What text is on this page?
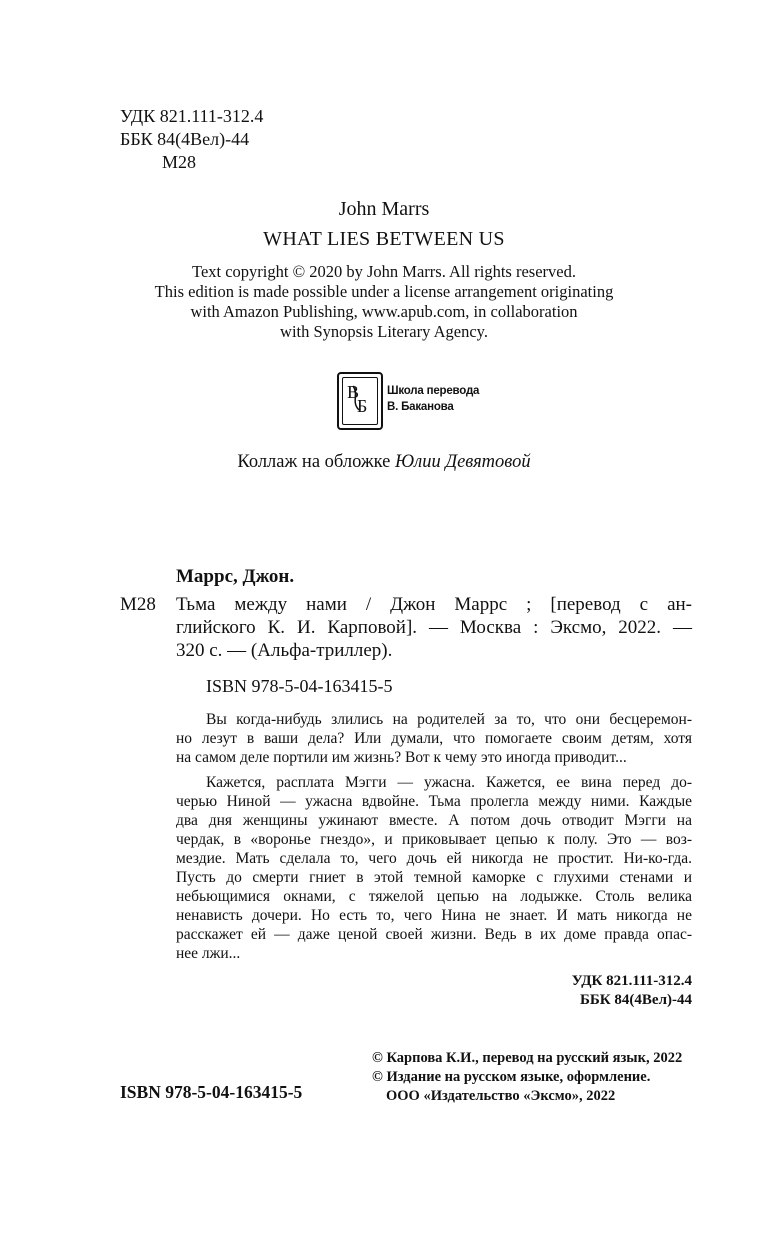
УДК 821.111-312.4
ББК 84(4Вел)-44
М28
John Marrs
WHAT LIES BETWEEN US
Text copyright © 2020 by John Marrs. All rights reserved.
This edition is made possible under a license arrangement originating
with Amazon Publishing, www.apub.com, in collaboration
with Synopsis Literary Agency.
В
Б
Школа перевода
В. Баканова
Коллаж на обложке Юлии Девятовой
Маррс, Джон.
М28 Тьма между нами / Джон Маррс ; [перевод с ан-
глийского К. И. Карповой]. — Москва : Эксмо, 2022. —
320 с. — (Альфа-триллер).
ISBN 978-5-04-163415-5
Вы когда-нибудь злились на родителей за то, что они бесцеремон-
но лезут в ваши дела? Или думали, что помогаете своим детям, хотя
на самом деле портили им жизнь? Вот к чему это иногда приводит...
Кажется, расплата Мэгги — ужасна. Кажется, ее вина перед до-
черью Ниной — ужасна вдвойне. Тьма пролегла между ними. Каждые
два дня женщины ужинают вместе. А потом дочь отводит Мэгги на
чердак, в «воронье гнездо», и приковывает цепью к полу. Это — воз-
мездие. Мать сделала то, чего дочь ей никогда не простит. Ни-ко-гда.
Пусть до смерти гниет в этой темной каморке с глухими стенами и
небьющимися окнами, с тяжелой цепью на лодыжке. Столь велика
ненависть дочери. Но есть то, чего Нина не знает. И мать никогда не
расскажет ей — даже ценой своей жизни. Ведь в их доме правда опас-
нее лжи...
УДК 821.111-312.4
ББК 84(4Вел)-44
ISBN 978-5-04-163415-5
© Карпова К.И., перевод на русский язык, 2022
© Издание на русском языке, оформление.
ООО «Издательство «Эксмо», 2022
